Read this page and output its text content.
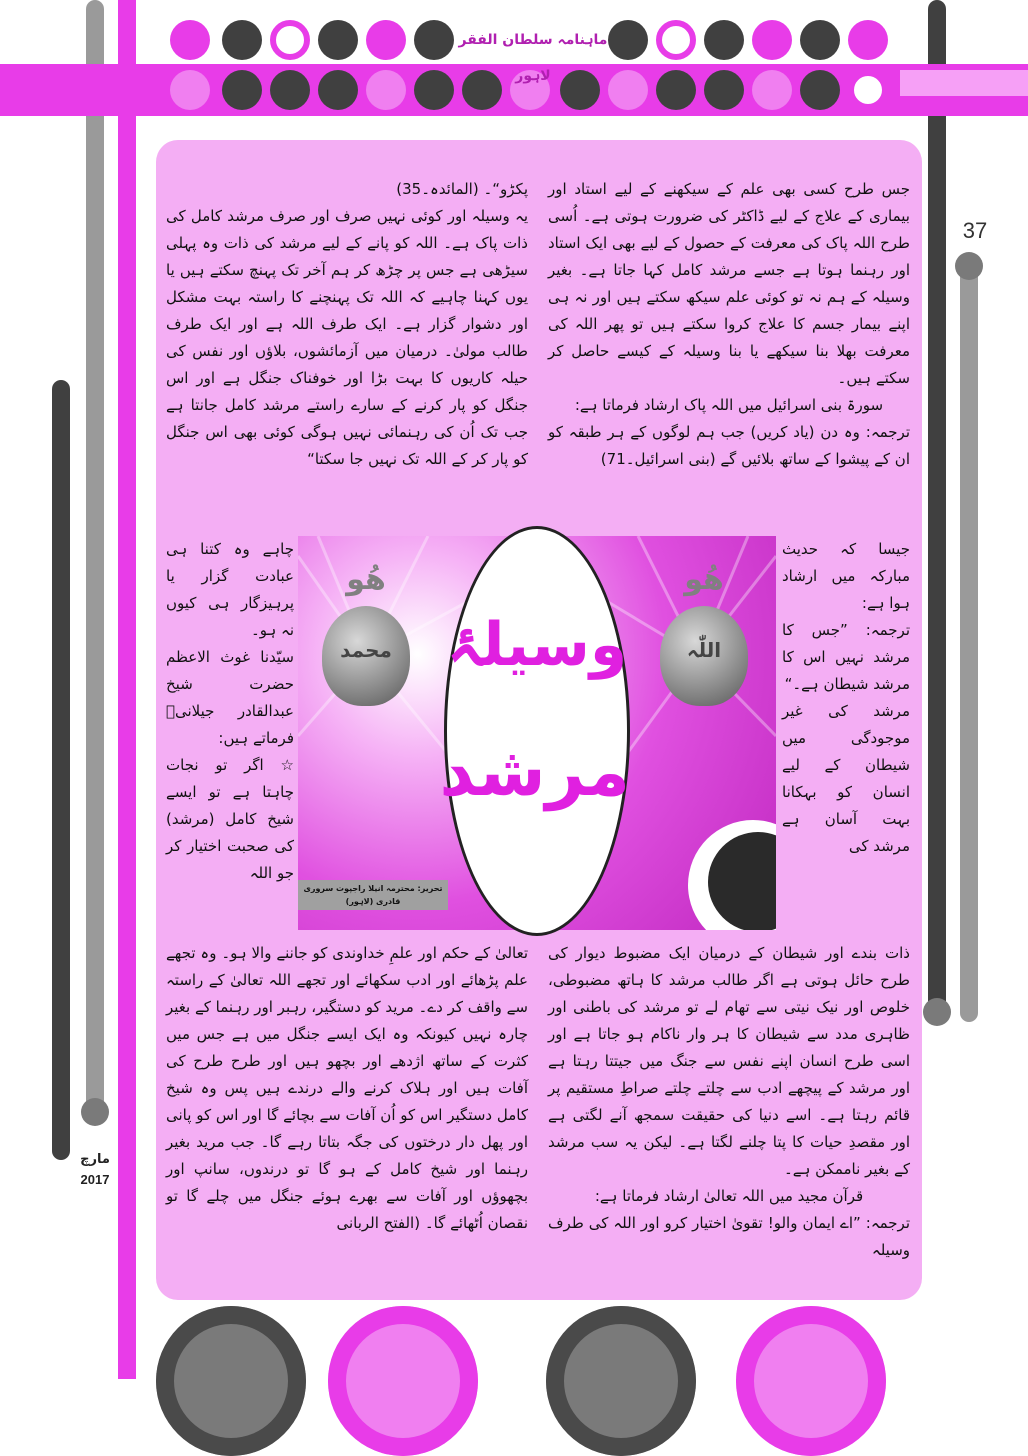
ماہنامہ سلطان الفقر لاہور
37
مارچ
2017

جس طرح کسی بھی علم کے سیکھنے کے لیے استاد اور بیماری کے علاج کے لیے ڈاکٹر کی ضرورت ہوتی ہے۔ اُسی طرح اللہ پاک کی معرفت کے حصول کے لیے بھی ایک استاد اور رہنما ہوتا ہے جسے مرشد کامل کہا جاتا ہے۔ بغیر وسیلہ کے ہم نہ تو کوئی علم سیکھ سکتے ہیں اور نہ ہی اپنے بیمار جسم کا علاج کروا سکتے ہیں تو پھر اللہ کی معرفت بھلا بنا سیکھے یا بنا وسیلہ کے کیسے حاصل کر سکتے ہیں۔

سورۃ بنی اسرائیل میں اللہ پاک ارشاد فرماتا ہے:

ترجمہ: وہ دن (یاد کریں) جب ہم لوگوں کے ہر طبقہ کو ان کے پیشوا کے ساتھ بلائیں گے (بنی اسرائیل۔71)

پکڑو“۔ (المائدہ۔35)

یہ وسیلہ اور کوئی نہیں صرف اور صرف مرشد کامل کی ذات پاک ہے۔ اللہ کو پانے کے لیے مرشد کی ذات وہ پہلی سیڑھی ہے جس پر چڑھ کر ہم آخر تک پہنچ سکتے ہیں یا یوں کہنا چاہیے کہ اللہ تک پہنچنے کا راستہ بہت مشکل اور دشوار گزار ہے۔ ایک طرف اللہ ہے اور ایک طرف طالب مولیٰ۔ درمیان میں آزمائشوں، بلاؤں اور نفس کی حیلہ کاریوں کا بہت بڑا اور خوفناک جنگل ہے اور اس جنگل کو پار کرنے کے سارے راستے مرشد کامل جانتا ہے جب تک اُن کی رہنمائی نہیں ہوگی کوئی بھی اس جنگل کو پار کر کے اللہ تک نہیں جا سکتا“

جیسا کہ حدیث مبارکہ میں ارشاد ہوا ہے:

ترجمہ: ”جس کا مرشد نہیں اس کا مرشد شیطان ہے۔“

مرشد کی غیر موجودگی میں شیطان کے لیے انسان کو بہکانا بہت آسان ہے مرشد کی

چاہے وہ کتنا ہی عبادت گزار یا پرہیزگار ہی کیوں نہ ہو۔

سیّدنا غوث الاعظم حضرت شیخ عبدالقادر جیلانیؓ فرماتے ہیں:

☆ اگر تو نجات چاہتا ہے تو ایسے شیخ کامل (مرشد) کی صحبت اختیار کر جو اللہ

ذات بندے اور شیطان کے درمیان ایک مضبوط دیوار کی طرح حائل ہوتی ہے اگر طالب مرشد کا ہاتھ مضبوطی، خلوص اور نیک نیتی سے تھام لے تو مرشد کی باطنی اور ظاہری مدد سے شیطان کا ہر وار ناکام ہو جاتا ہے اور اسی طرح انسان اپنے نفس سے جنگ میں جیتتا رہتا ہے اور مرشد کے پیچھے ادب سے چلتے چلتے صراطِ مستقیم پر قائم رہتا ہے۔ اسے دنیا کی حقیقت سمجھ آنے لگتی ہے اور مقصدِ حیات کا پتا چلنے لگتا ہے۔ لیکن یہ سب مرشد کے بغیر ناممکن ہے۔

قرآن مجید میں اللہ تعالیٰ ارشاد فرماتا ہے:

ترجمہ: ”اے ایمان والو! تقویٰ اختیار کرو اور اللہ کی طرف وسیلہ

تعالیٰ کے حکم اور علمِ خداوندی کو جاننے والا ہو۔ وہ تجھے علم پڑھائے اور ادب سکھائے اور تجھے اللہ تعالیٰ کے راستہ سے واقف کر دے۔ مرید کو دستگیر، رہبر اور رہنما کے بغیر چارہ نہیں کیونکہ وہ ایک ایسے جنگل میں ہے جس میں کثرت کے ساتھ اژدھے اور بچھو ہیں اور طرح طرح کی آفات ہیں اور ہلاک کرنے والے درندے ہیں پس وہ شیخ کامل دستگیر اس کو اُن آفات سے بچائے گا اور اس کو پانی اور پھل دار درختوں کی جگہ بتاتا رہے گا۔ جب مرید بغیر رہنما اور شیخ کامل کے ہو گا تو درندوں، سانپ اور بچھوؤں اور آفات سے بھرے ہوئے جنگل میں چلے گا تو نقصان اُٹھائے گا۔ (الفتح الربانی

ھُو
محمد
ھُو
اللّٰہ
تحریر: محترمہ انیلا راجپوت سروری قادری (لاہور)
وسیلۂ
مرشد
